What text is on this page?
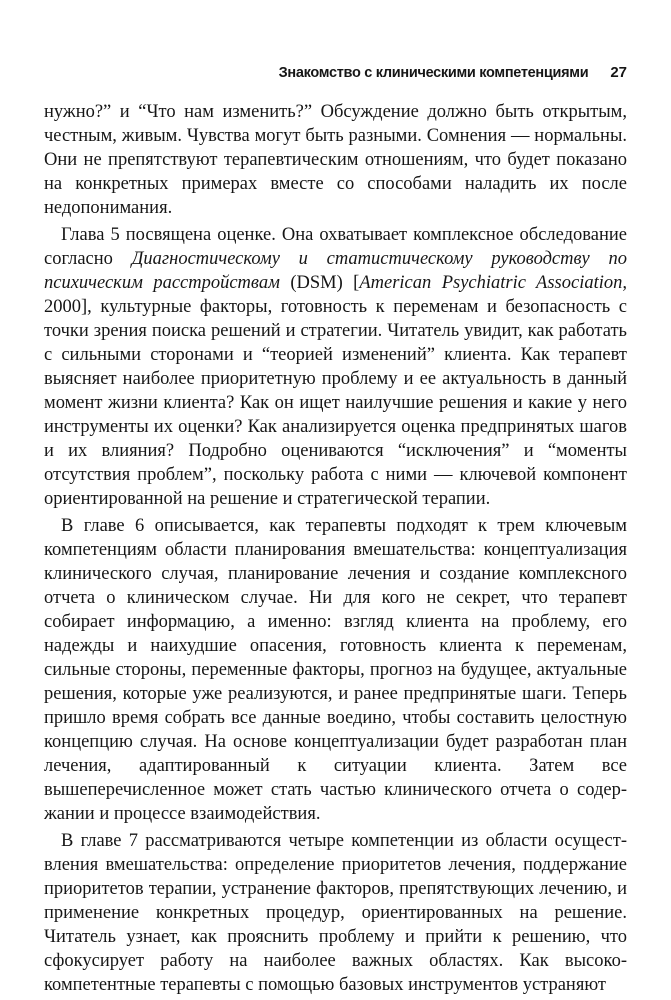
Знакомство с клиническими компетенциями 27

нужно?” и “Что нам изменить?” Обсуждение должно быть открытым, честным, живым. Чувства могут быть разными. Сомнения — нормальны. Они не препятствуют терапевтическим отношениям, что будет показано на конкретных примерах вместе со способами наладить их после недопонимания.

Глава 5 посвящена оценке. Она охватывает комплексное обследование согласно Диагностическому и статистическому руководству по психическим расстройствам (DSM) [American Psychiatric Association, 2000], культурные факторы, готовность к переменам и безопасность с точки зрения поиска решений и стратегии. Читатель увидит, как работать с сильными сторонами и “теорией изменений” клиента. Как терапевт выясняет наиболее приоритетную проблему и ее актуальность в данный момент жизни клиента? Как он ищет наилучшие решения и какие у него инструменты их оценки? Как анализируется оценка предпринятых шагов и их влияния? Подробно оцениваются “исключения” и “моменты отсутствия проблем”, поскольку работа с ними — ключевой компонент ориентированной на решение и стратегической терапии.

В главе 6 описывается, как терапевты подходят к трем ключевым компетенциям области планирования вмешательства: концептуализация клинического случая, планирование лечения и создание комплексного отчета о клиническом случае. Ни для кого не секрет, что терапевт собирает информацию, а именно: взгляд клиента на проблему, его надежды и наихудшие опасения, готовность клиента к переменам, сильные стороны, переменные факторы, прогноз на будущее, актуальные решения, которые уже реализуются, и ранее предпринятые шаги. Теперь пришло время собрать все данные воедино, чтобы составить целостную концепцию случая. На основе концептуализации будет разработан план лечения, адаптированный к ситуации клиента. Затем все вышеперечисленное может стать частью клинического отчета о содержании и процессе взаимодействия.

В главе 7 рассматриваются четыре компетенции из области осуществления вмешательства: определение приоритетов лечения, поддержание приоритетов терапии, устранение факторов, препятствующих лечению, и применение конкретных процедур, ориентированных на решение. Читатель узнает, как прояснить проблему и прийти к решению, что сфокусирует работу на наиболее важных областях. Как высококомпетентные терапевты с помощью базовых инструментов устраняют
